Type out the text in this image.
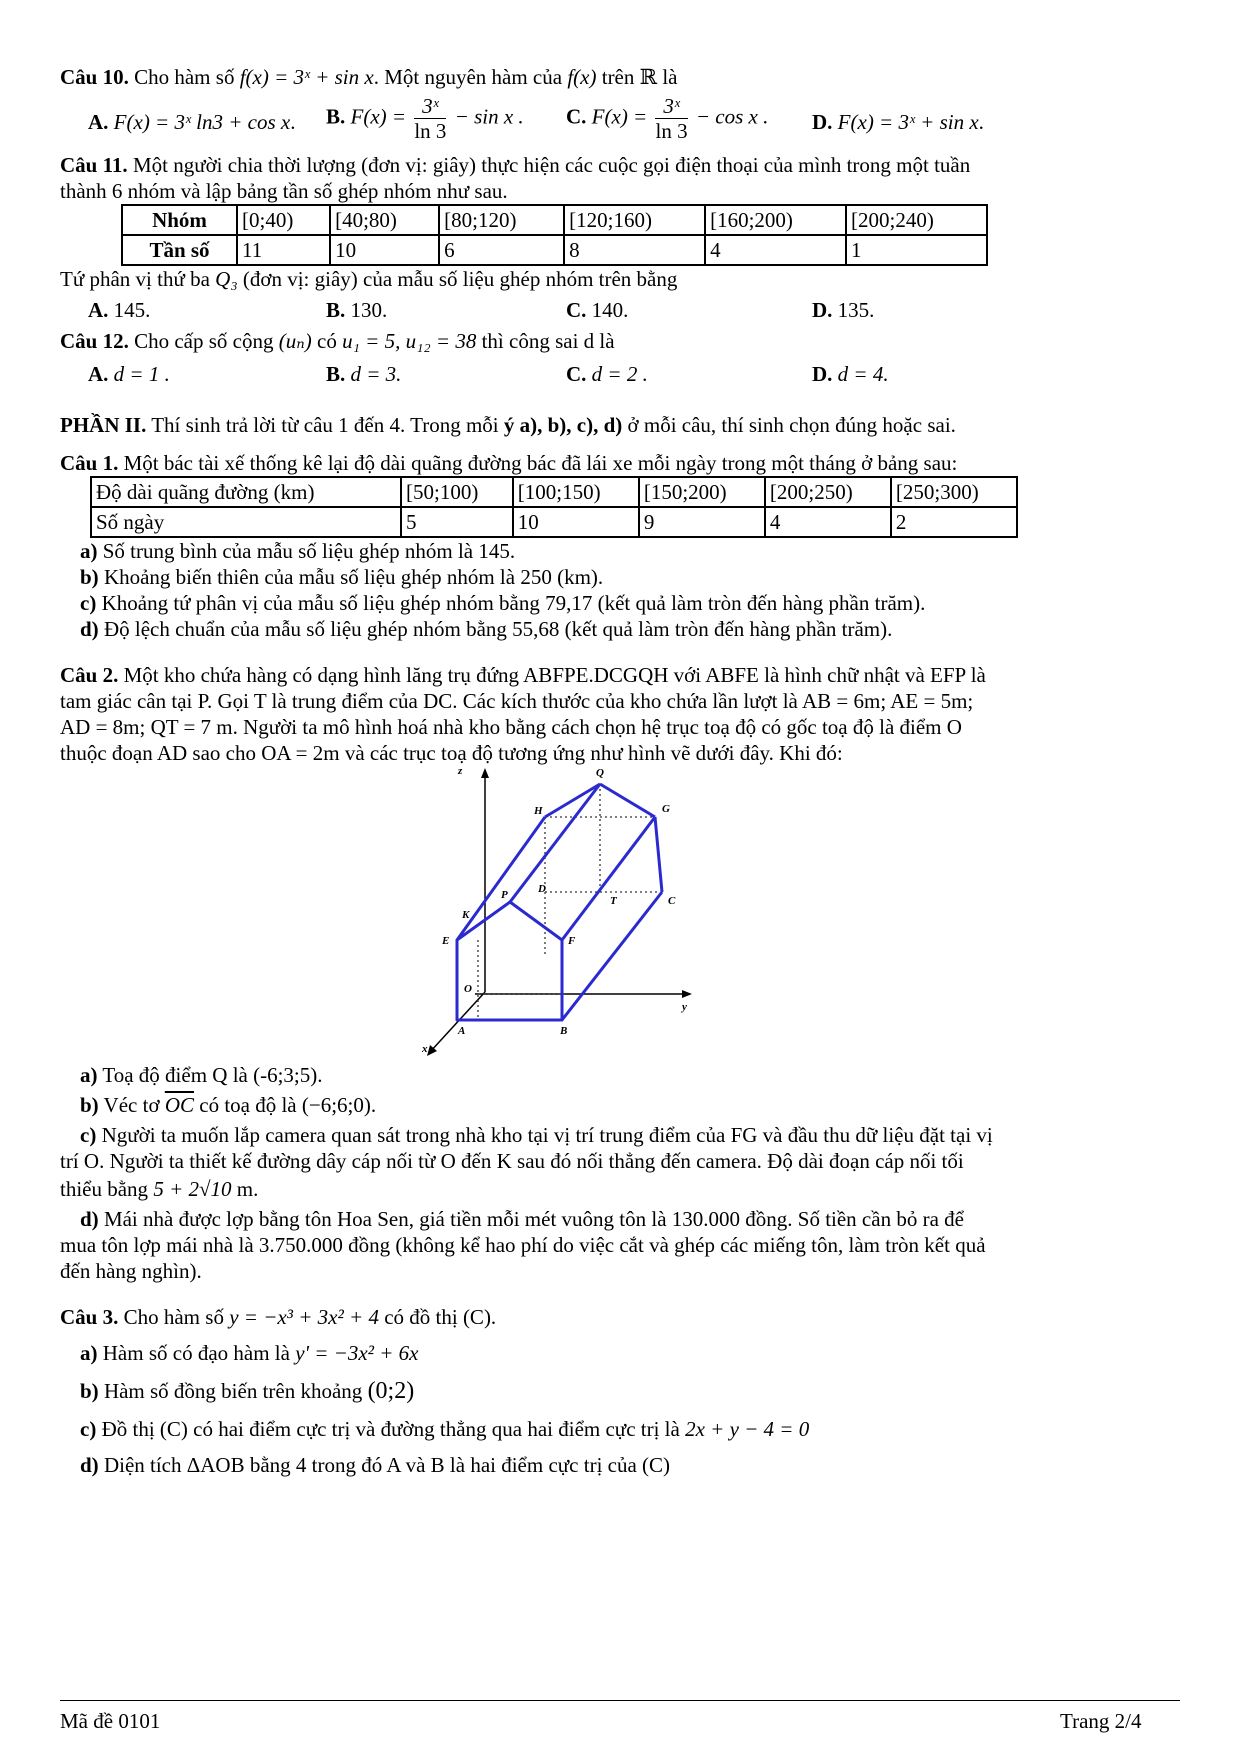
Câu 10. Cho hàm số f(x) = 3ˣ + sin x. Một nguyên hàm của f(x) trên ℝ là
A. F(x) = 3ˣ ln3 + cos x. B. $F(x) = \frac{\text{3ˣ}}{\ln 3} - \sin x$ . C. $F(x) = \frac{\text{3ˣ}}{\ln 3} - \cos x$ . D. F(x) = 3ˣ + sin x.
Câu 11. Một người chia thời lượng (đơn vị: giây) thực hiện các cuộc gọi điện thoại của mình trong một tuần
thành 6 nhóm và lập bảng tần số ghép nhóm như sau.
Nhóm	[0;40)	[40;80)	[80;120)	[120;160)	[160;200)	[200;240)
Tần số	11	10	6	8	4	1
Tứ phân vị thứ ba Q₃ (đơn vị: giây) của mẫu số liệu ghép nhóm trên bằng
A. 145.	B. 130.	C. 140.	D. 135.
Câu 12. Cho cấp số cộng (uₙ) có u₁ = 5, u₁₂ = 38 thì công sai d là
A. d = 1 .	B. d = 3.	C. d = 2 .	D. d = 4.
PHẦN II. Thí sinh trả lời từ câu 1 đến 4. Trong mỗi ý a), b), c), d) ở mỗi câu, thí sinh chọn đúng hoặc sai.
Câu 1. Một bác tài xế thống kê lại độ dài quãng đường bác đã lái xe mỗi ngày trong một tháng ở bảng sau:
Độ dài quãng đường (km)	[50;100)	[100;150)	[150;200)	[200;250)	[250;300)
Số ngày	5	10	9	4	2
a) Số trung bình của mẫu số liệu ghép nhóm là 145.
b) Khoảng biến thiên của mẫu số liệu ghép nhóm là 250 (km).
c) Khoảng tứ phân vị của mẫu số liệu ghép nhóm bằng 79,17 (kết quả làm tròn đến hàng phần trăm).
d) Độ lệch chuẩn của mẫu số liệu ghép nhóm bằng 55,68 (kết quả làm tròn đến hàng phần trăm).
Câu 2. Một kho chứa hàng có dạng hình lăng trụ đứng ABFPE.DCGQH với ABFE là hình chữ nhật và EFP là
tam giác cân tại P. Gọi T là trung điểm của DC. Các kích thước của kho chứa lần lượt là AB = 6m; AE = 5m;
AD = 8m; QT = 7 m. Người ta mô hình hoá nhà kho bằng cách chọn hệ trục toạ độ có gốc toạ độ là điểm O
thuộc đoạn AD sao cho OA = 2m và các trục toạ độ tương ứng như hình vẽ dưới đây. Khi đó:
z	Q
H	G
P	D
T	C
K
E	F
O
y
A	B
x
a) Toạ độ điểm Q là (-6;3;5).
b) Véc tơ $\overline{OC}$ có toạ độ là (−6;6;0).
c) Người ta muốn lắp camera quan sát trong nhà kho tại vị trí trung điểm của FG và đầu thu dữ liệu đặt tại vị
trí O. Người ta thiết kế đường dây cáp nối từ O đến K sau đó nối thẳng đến camera. Độ dài đoạn cáp nối tối
thiểu bằng 5 + 2√10 m.
d) Mái nhà được lợp bằng tôn Hoa Sen, giá tiền mỗi mét vuông tôn là 130.000 đồng. Số tiền cần bỏ ra để
mua tôn lợp mái nhà là 3.750.000 đồng (không kể hao phí do việc cắt và ghép các miếng tôn, làm tròn kết quả
đến hàng nghìn).
Câu 3. Cho hàm số y = −x³ + 3x² + 4 có đồ thị (C).
a) Hàm số có đạo hàm là y' = −3x² + 6x
b) Hàm số đồng biến trên khoảng (0;2)
c) Đồ thị (C) có hai điểm cực trị và đường thẳng qua hai điểm cực trị là 2x + y − 4 = 0
d) Diện tích ΔAOB bằng 4 trong đó A và B là hai điểm cực trị của (C)
Mã đề 0101	Trang 2/4
